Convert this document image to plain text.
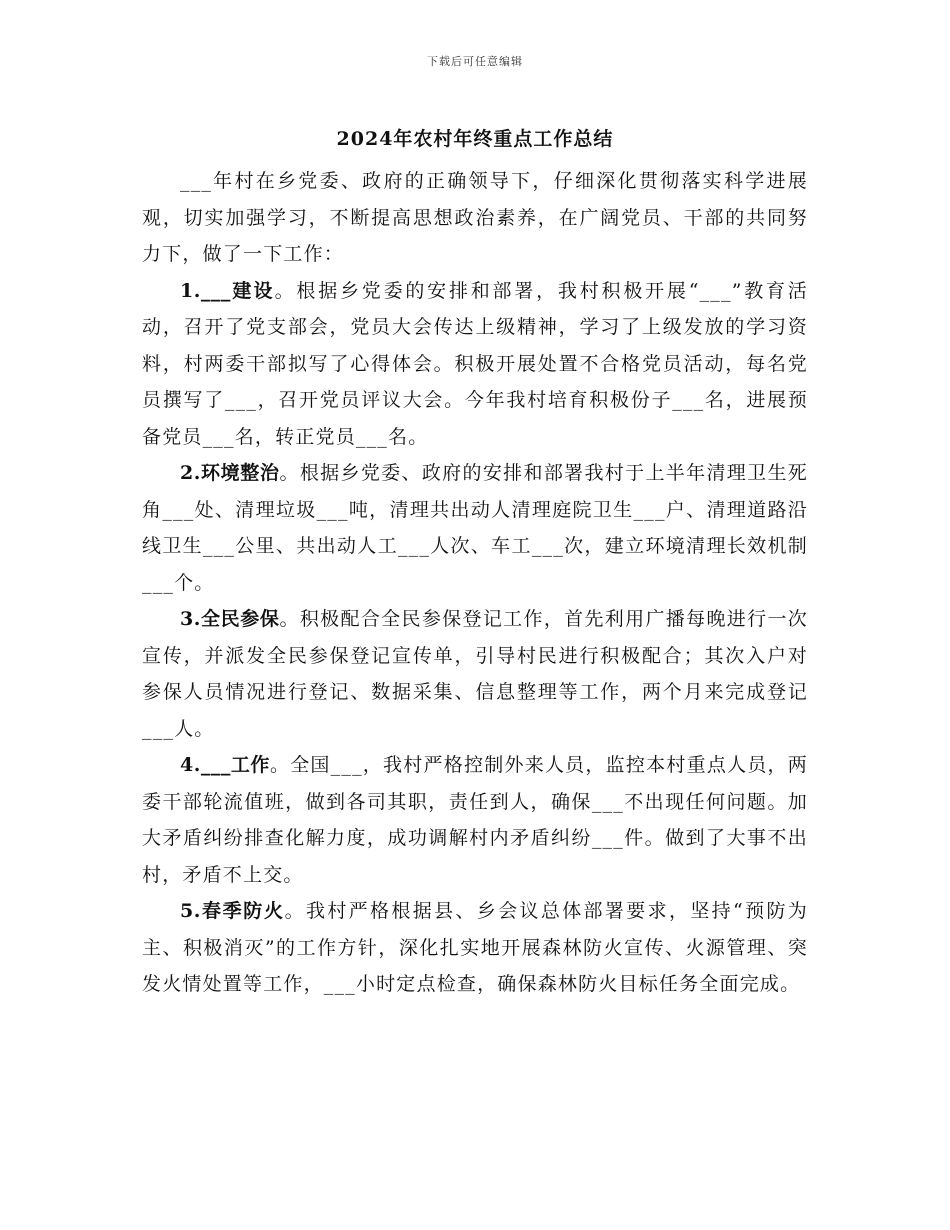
下载后可任意编辑
2024年农村年终重点工作总结

___年村在乡党委、政府的正确领导下，仔细深化贯彻落实科学进展观，切实加强学习，不断提高思想政治素养，在广阔党员、干部的共同努力下，做了一下工作：

1.___建设。根据乡党委的安排和部署，我村积极开展“___”教育活动，召开了党支部会，党员大会传达上级精神，学习了上级发放的学习资料，村两委干部拟写了心得体会。积极开展处置不合格党员活动，每名党员撰写了___，召开党员评议大会。今年我村培育积极份子___名，进展预备党员___名，转正党员___名。

2.环境整治。根据乡党委、政府的安排和部署我村于上半年清理卫生死角___处、清理垃圾___吨，清理共出动人清理庭院卫生___户、清理道路沿线卫生___公里、共出动人工___人次、车工___次，建立环境清理长效机制___个。

3.全民参保。积极配合全民参保登记工作，首先利用广播每晚进行一次宣传，并派发全民参保登记宣传单，引导村民进行积极配合；其次入户对参保人员情况进行登记、数据采集、信息整理等工作，两个月来完成登记___人。

4.___工作。全国___，我村严格控制外来人员，监控本村重点人员，两委干部轮流值班，做到各司其职，责任到人，确保___不出现任何问题。加大矛盾纠纷排查化解力度，成功调解村内矛盾纠纷___件。做到了大事不出村，矛盾不上交。

5.春季防火。我村严格根据县、乡会议总体部署要求，坚持“预防为主、积极消灭”的工作方针，深化扎实地开展森林防火宣传、火源管理、突发火情处置等工作，___小时定点检查，确保森林防火目标任务全面完成。
